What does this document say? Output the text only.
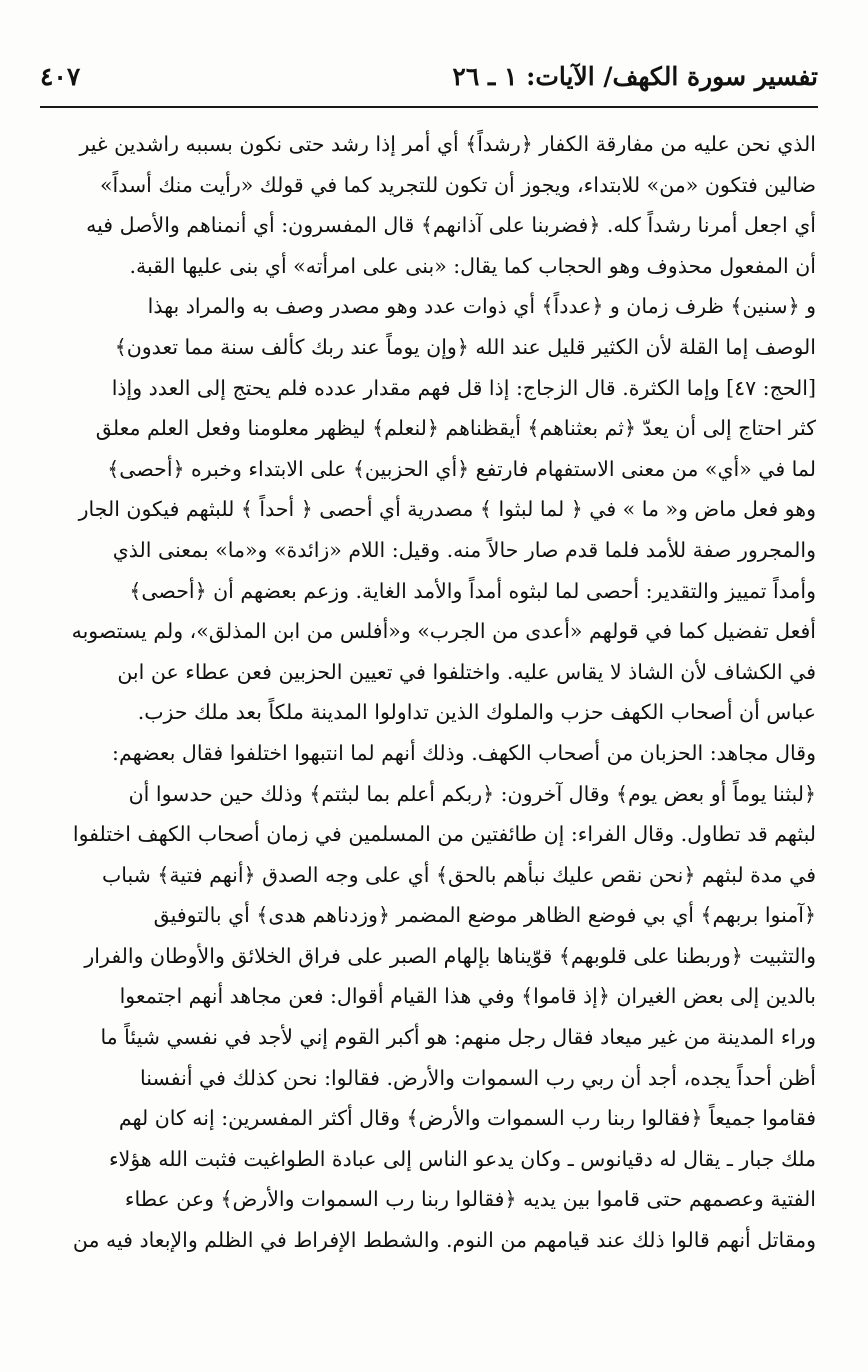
تفسير سورة الكهف/ الآيات: ١ ـ ٢٦
٤٠٧
الذي نحن عليه من مفارقة الكفار ﴿رشداً﴾ أي أمر إذا رشد حتى نكون بسببه راشدين غير
ضالين فتكون «من» للابتداء، ويجوز أن تكون للتجريد كما في قولك «رأيت منك أسداً»
أي اجعل أمرنا رشداً كله. ﴿فضربنا على آذانهم﴾ قال المفسرون: أي أنمناهم والأصل فيه
أن المفعول محذوف وهو الحجاب كما يقال: «بنى على امرأته» أي بنى عليها القبة.
و ﴿سنين﴾ ظرف زمان و ﴿عدداً﴾ أي ذوات عدد وهو مصدر وصف به والمراد بهذا
الوصف إما القلة لأن الكثير قليل عند الله ﴿وإن يوماً عند ربك كألف سنة مما تعدون﴾
[الحج: ٤٧] وإما الكثرة. قال الزجاج: إذا قل فهم مقدار عدده فلم يحتج إلى العدد وإذا
كثر احتاج إلى أن يعدّ ﴿ثم بعثناهم﴾ أيقظناهم ﴿لنعلم﴾ ليظهر معلومنا وفعل العلم معلق
لما في «أي» من معنى الاستفهام فارتفع ﴿أي الحزبين﴾ على الابتداء وخبره ﴿أحصى﴾
وهو فعل ماض و« ما » في ﴿ لما لبثوا ﴾ مصدرية أي أحصى ﴿ أحداً ﴾ للبثهم فيكون الجار
والمجرور صفة للأمد فلما قدم صار حالاً منه. وقيل: اللام «زائدة» و«ما» بمعنى الذي
وأمداً تمييز والتقدير: أحصى لما لبثوه أمداً والأمد الغاية. وزعم بعضهم أن ﴿أحصى﴾
أفعل تفضيل كما في قولهم «أعدى من الجرب» و«أفلس من ابن المذلق»، ولم يستصوبه
في الكشاف لأن الشاذ لا يقاس عليه. واختلفوا في تعيين الحزبين فعن عطاء عن ابن
عباس أن أصحاب الكهف حزب والملوك الذين تداولوا المدينة ملكاً بعد ملك حزب.
وقال مجاهد: الحزبان من أصحاب الكهف. وذلك أنهم لما انتبهوا اختلفوا فقال بعضهم:
﴿لبثنا يوماً أو بعض يوم﴾ وقال آخرون: ﴿ربكم أعلم بما لبثتم﴾ وذلك حين حدسوا أن
لبثهم قد تطاول. وقال الفراء: إن طائفتين من المسلمين في زمان أصحاب الكهف اختلفوا
في مدة لبثهم ﴿نحن نقص عليك نبأهم بالحق﴾ أي على وجه الصدق ﴿أنهم فتية﴾ شباب
﴿آمنوا بربهم﴾ أي بي فوضع الظاهر موضع المضمر ﴿وزدناهم هدى﴾ أي بالتوفيق
والتثبيت ﴿وربطنا على قلوبهم﴾ قوّيناها بإلهام الصبر على فراق الخلائق والأوطان والفرار
بالدين إلى بعض الغيران ﴿إذ قاموا﴾ وفي هذا القيام أقوال: فعن مجاهد أنهم اجتمعوا
وراء المدينة من غير ميعاد فقال رجل منهم: هو أكبر القوم إني لأجد في نفسي شيئاً ما
أظن أحداً يجده، أجد أن ربي رب السموات والأرض. فقالوا: نحن كذلك في أنفسنا
فقاموا جميعاً ﴿فقالوا ربنا رب السموات والأرض﴾ وقال أكثر المفسرين: إنه كان لهم
ملك جبار ـ يقال له دقيانوس ـ وكان يدعو الناس إلى عبادة الطواغيت فثبت الله هؤلاء
الفتية وعصمهم حتى قاموا بين يديه ﴿فقالوا ربنا رب السموات والأرض﴾ وعن عطاء
ومقاتل أنهم قالوا ذلك عند قيامهم من النوم. والشطط الإفراط في الظلم والإبعاد فيه من
